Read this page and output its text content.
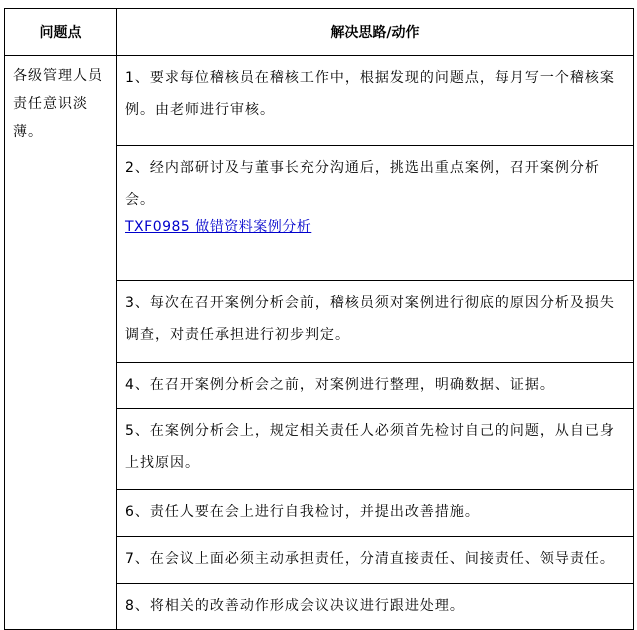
问题点	解决思路/动作
各级管理人员责任意识淡薄。	1、要求每位稽核员在稽核工作中，根据发现的问题点，每月写一个稽核案例。由老师进行审核。

	2、经内部研讨及与董事长充分沟通后，挑选出重点案例，召开案例分析会。
TXF0985 做错资料案例分析

	3、每次在召开案例分析会前，稽核员须对案例进行彻底的原因分析及损失调查，对责任承担进行初步判定。

	4、在召开案例分析会之前，对案例进行整理，明确数据、证据。

	5、在案例分析会上，规定相关责任人必须首先检讨自己的问题，从自已身上找原因。

	6、责任人要在会上进行自我检讨，并提出改善措施。

	7、在会议上面必须主动承担责任，分清直接责任、间接责任、领导责任。

	8、将相关的改善动作形成会议决议进行跟进处理。
